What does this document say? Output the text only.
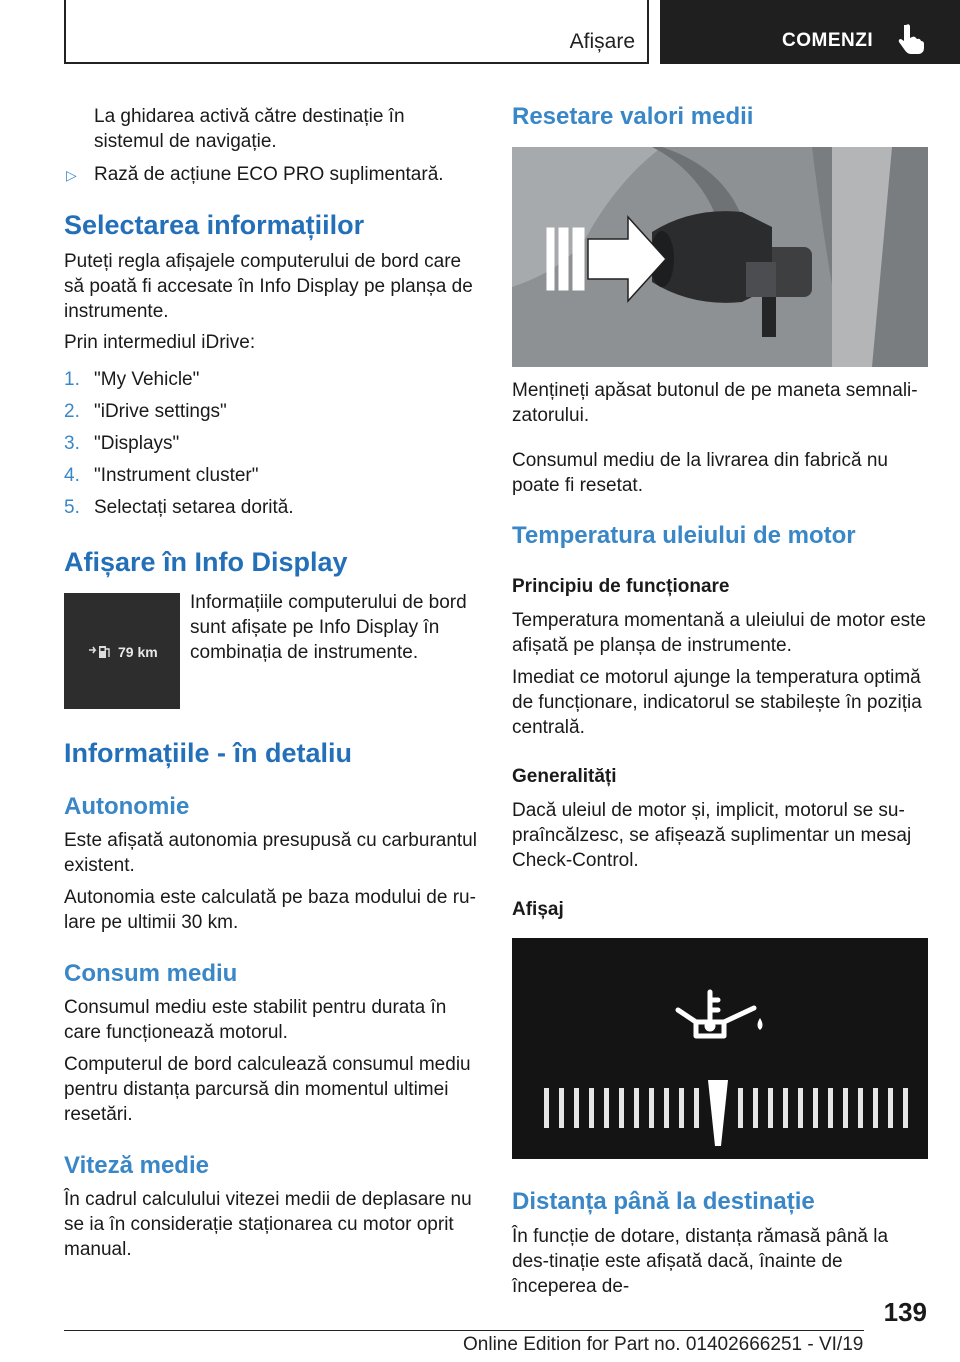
Afișare	COMENZI

La ghidarea activă către destinație în sistemul de navigație.

▷ Rază de acțiune ECO PRO suplimentară.

Selectarea informațiilor

Puteți regla afișajele computerului de bord care să poată fi accesate în Info Display pe planșa de instrumente.

Prin intermediul iDrive:

1. "My Vehicle"
2. "iDrive settings"
3. "Displays"
4. "Instrument cluster"
5. Selectați setarea dorită.
Afișare în Info Display
79 km

Informațiile computerului de bord sunt afișate pe Info Display în combinația de instrumente.

Informațiile - în detaliu
Autonomie

Este afișată autonomia presupusă cu carburantul existent.

Autonomia este calculată pe baza modului de ru-lare pe ultimii 30 km.

Consum mediu

Consumul mediu este stabilit pentru durata în care funcționează motorul.

Computerul de bord calculează consumul mediu pentru distanța parcursă din momentul ultimei resetări.

Viteză medie

În cadrul calculului vitezei medii de deplasare nu se ia în considerație staționarea cu motor oprit manual.

Resetare valori medii

Mențineți apăsat butonul de pe maneta semnali-zatorului.

Consumul mediu de la livrarea din fabrică nu poate fi resetat.

Temperatura uleiului de motor
Principiu de funcționare

Temperatura momentană a uleiului de motor este afișată pe planșa de instrumente.

Imediat ce motorul ajunge la temperatura optimă de funcționare, indicatorul se stabilește în poziția centrală.

Generalități

Dacă uleiul de motor și, implicit, motorul se su-praîncălzesc, se afișează suplimentar un mesaj Check-Control.

Afișaj
Distanța până la destinație

În funcție de dotare, distanța rămasă până la des-tinație este afișată dacă, înainte de începerea de-

139
Online Edition for Part no. 01402666251 - VI/19
